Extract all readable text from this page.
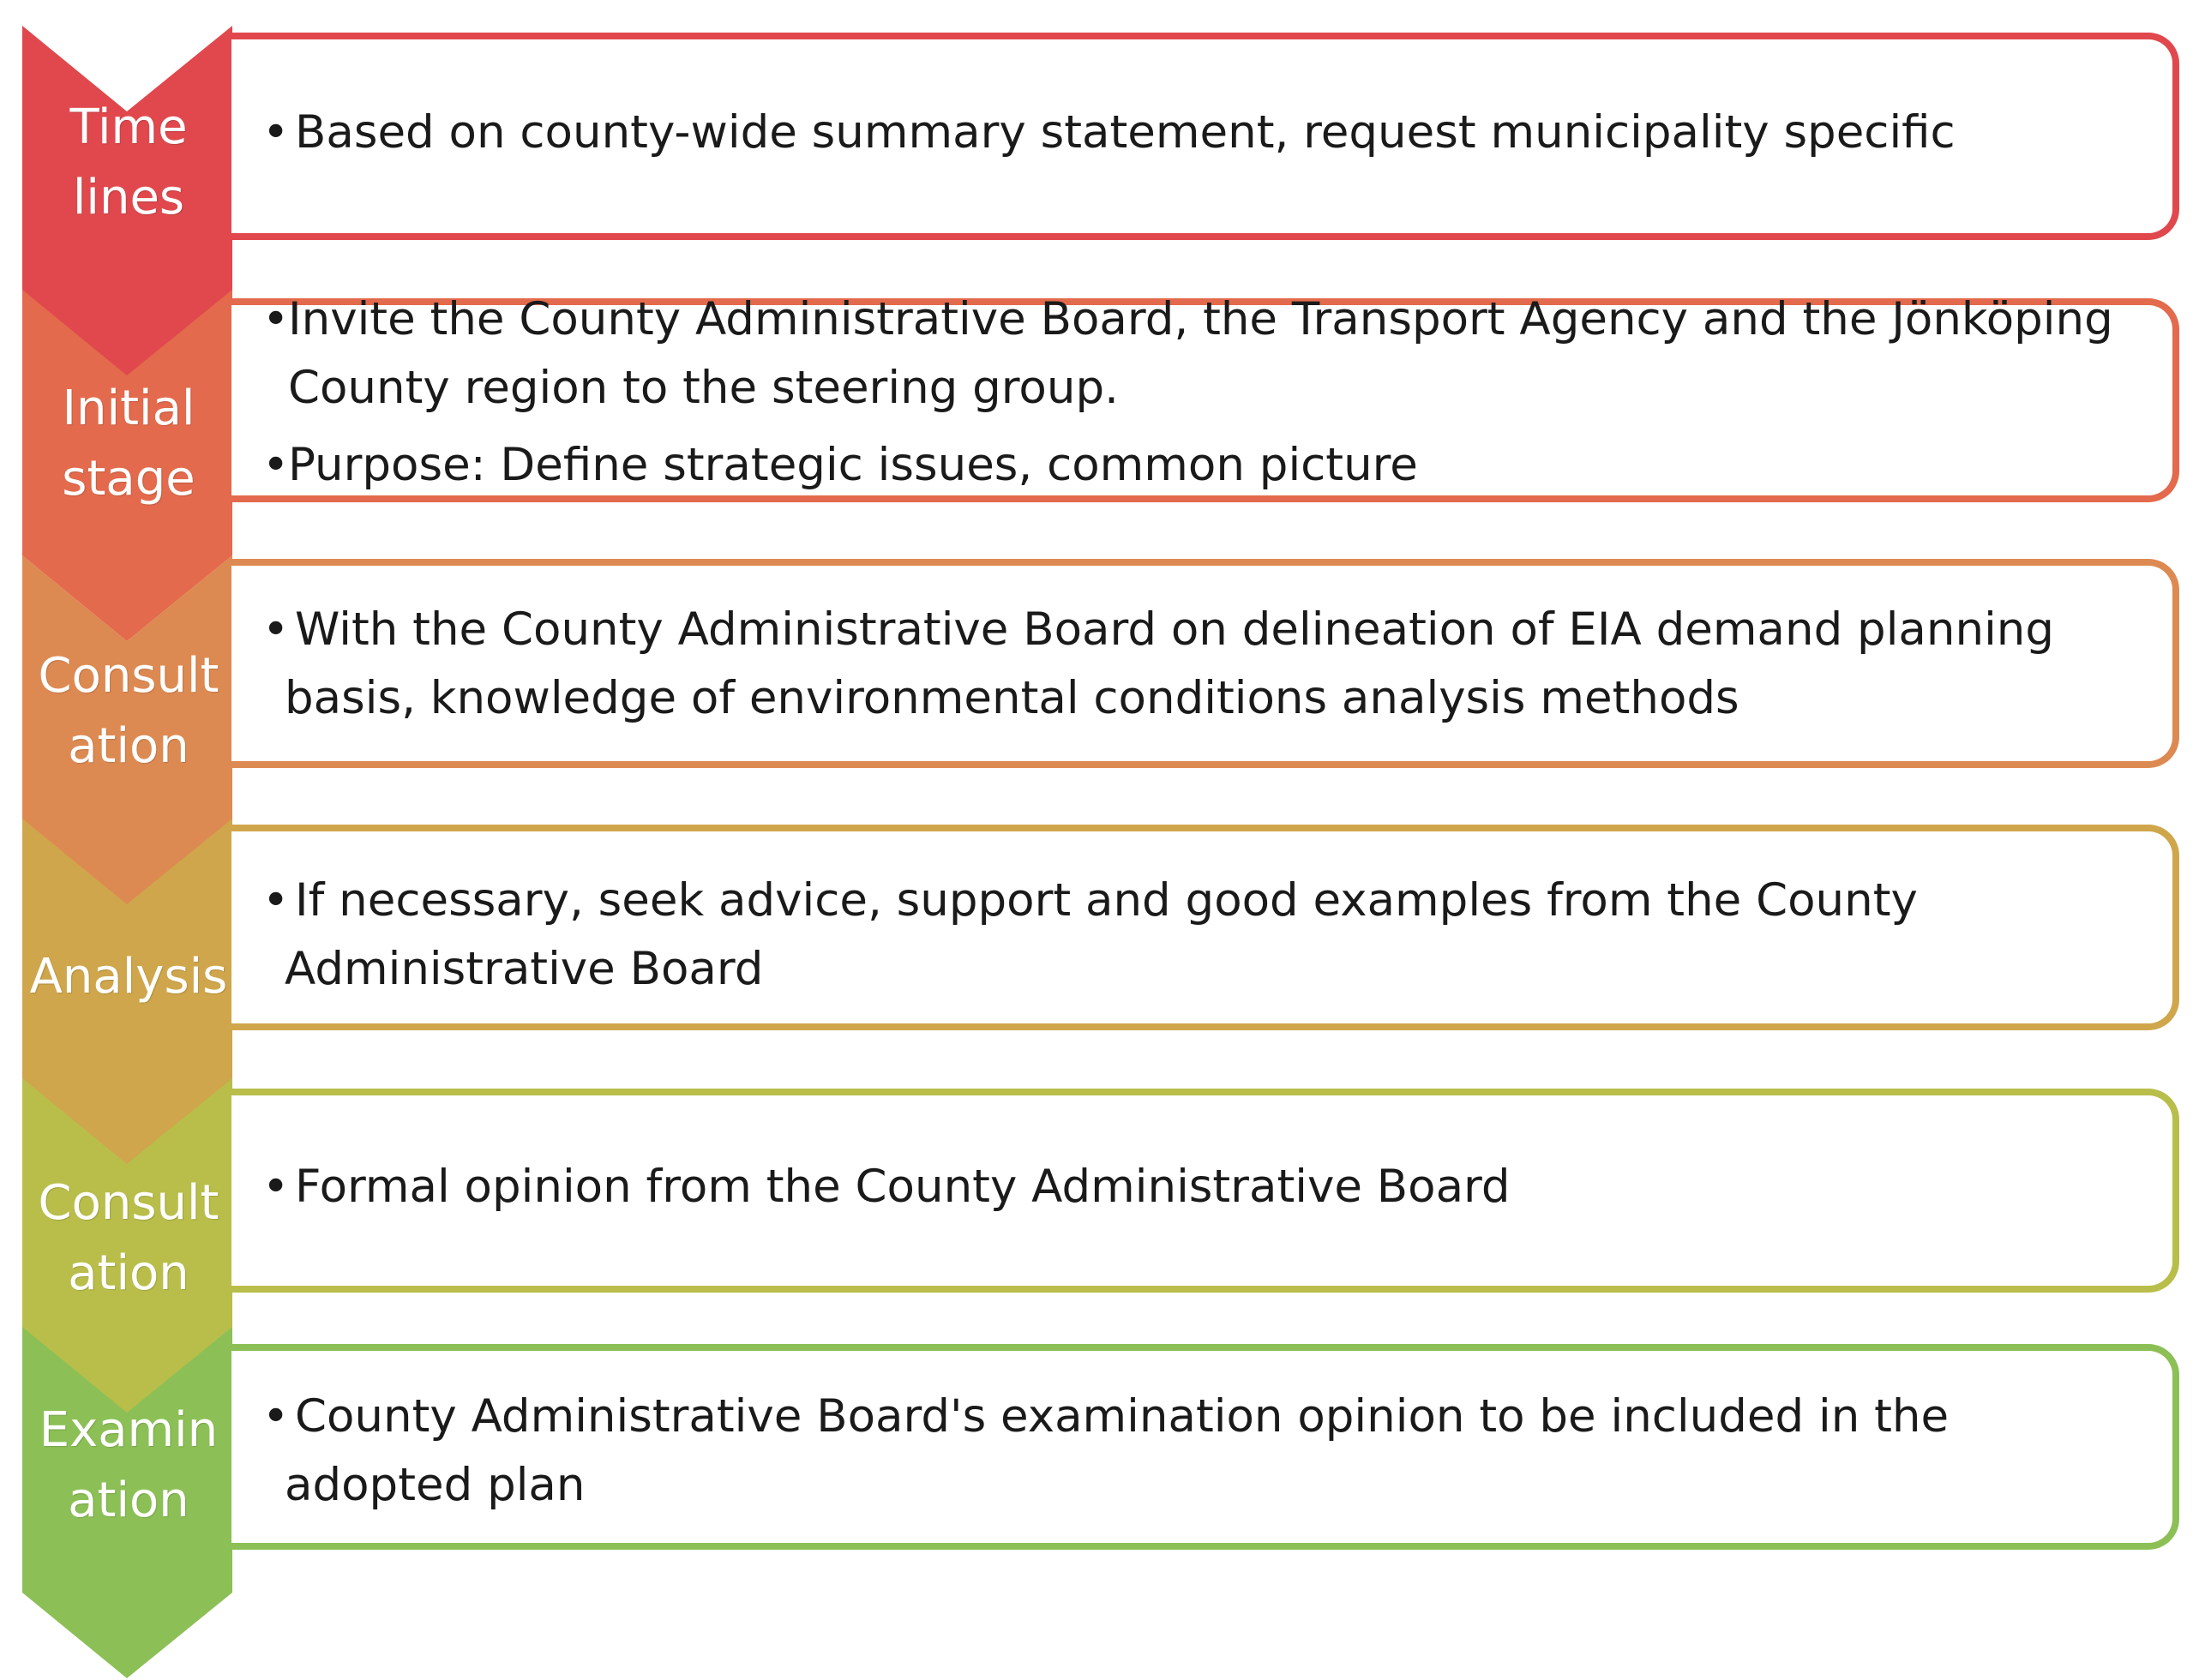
Time
lines
• Based on county-wide summary statement, request municipality specific
Initial
stage
•Invite the County Administrative Board, the Transport Agency and the Jönköping
County region to the steering group.
•Purpose: Define strategic issues, common picture
Consult
ation
• With the County Administrative Board on delineation of EIA demand planning
basis, knowledge of environmental conditions analysis methods
Analysis
• If necessary, seek advice, support and good examples from the County
Administrative Board
Consult
ation
• Formal opinion from the County Administrative Board
Examin
ation
• County Administrative Board's examination opinion to be included in the
adopted plan
